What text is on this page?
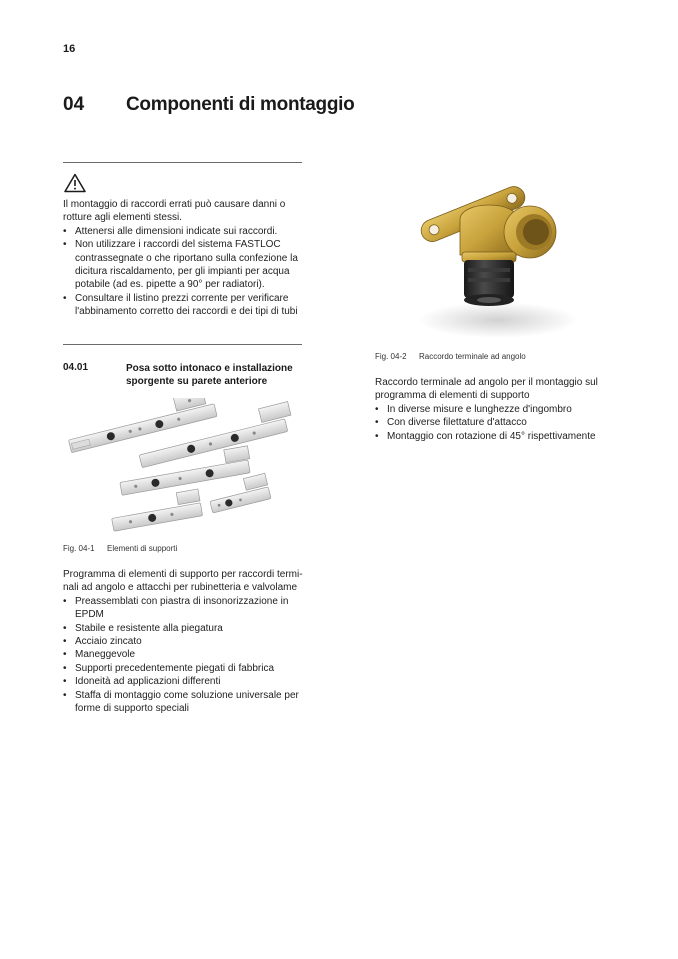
16
04 Componenti di montaggio
Il montaggio di raccordi errati può causare danni o rotture agli elementi stessi.
• Attenersi alle dimensioni indicate sui raccordi.
• Non utilizzare i raccordi del sistema FASTLOC contrassegnate o che riportano sulla confezione la dicitura riscaldamento, per gli impianti per acqua potabile (ad es. pipette a 90° per radiatori).
• Consultare il listino prezzi corrente per verificare l'abbinamento corretto dei raccordi e dei tipi di tubi
04.01	Posa sotto intonaco e installazione sporgente su parete anteriore
Fig. 04-1 Elementi di supporti
Programma di elementi di supporto per raccordi termi-nali ad angolo e attacchi per rubinetteria e valvolame
• Preassemblati con piastra di insonorizzazione in EPDM
• Stabile e resistente alla piegatura
• Acciaio zincato
• Maneggevole
• Supporti precedentemente piegati di fabbrica
• Idoneità ad applicazioni differenti
• Staffa di montaggio come soluzione universale per forme di supporto speciali
Fig. 04-2 Raccordo terminale ad angolo
Raccordo terminale ad angolo per il montaggio sul programma di elementi di supporto
• In diverse misure e lunghezze d'ingombro
• Con diverse filettature d'attacco
• Montaggio con rotazione di 45° rispettivamente
